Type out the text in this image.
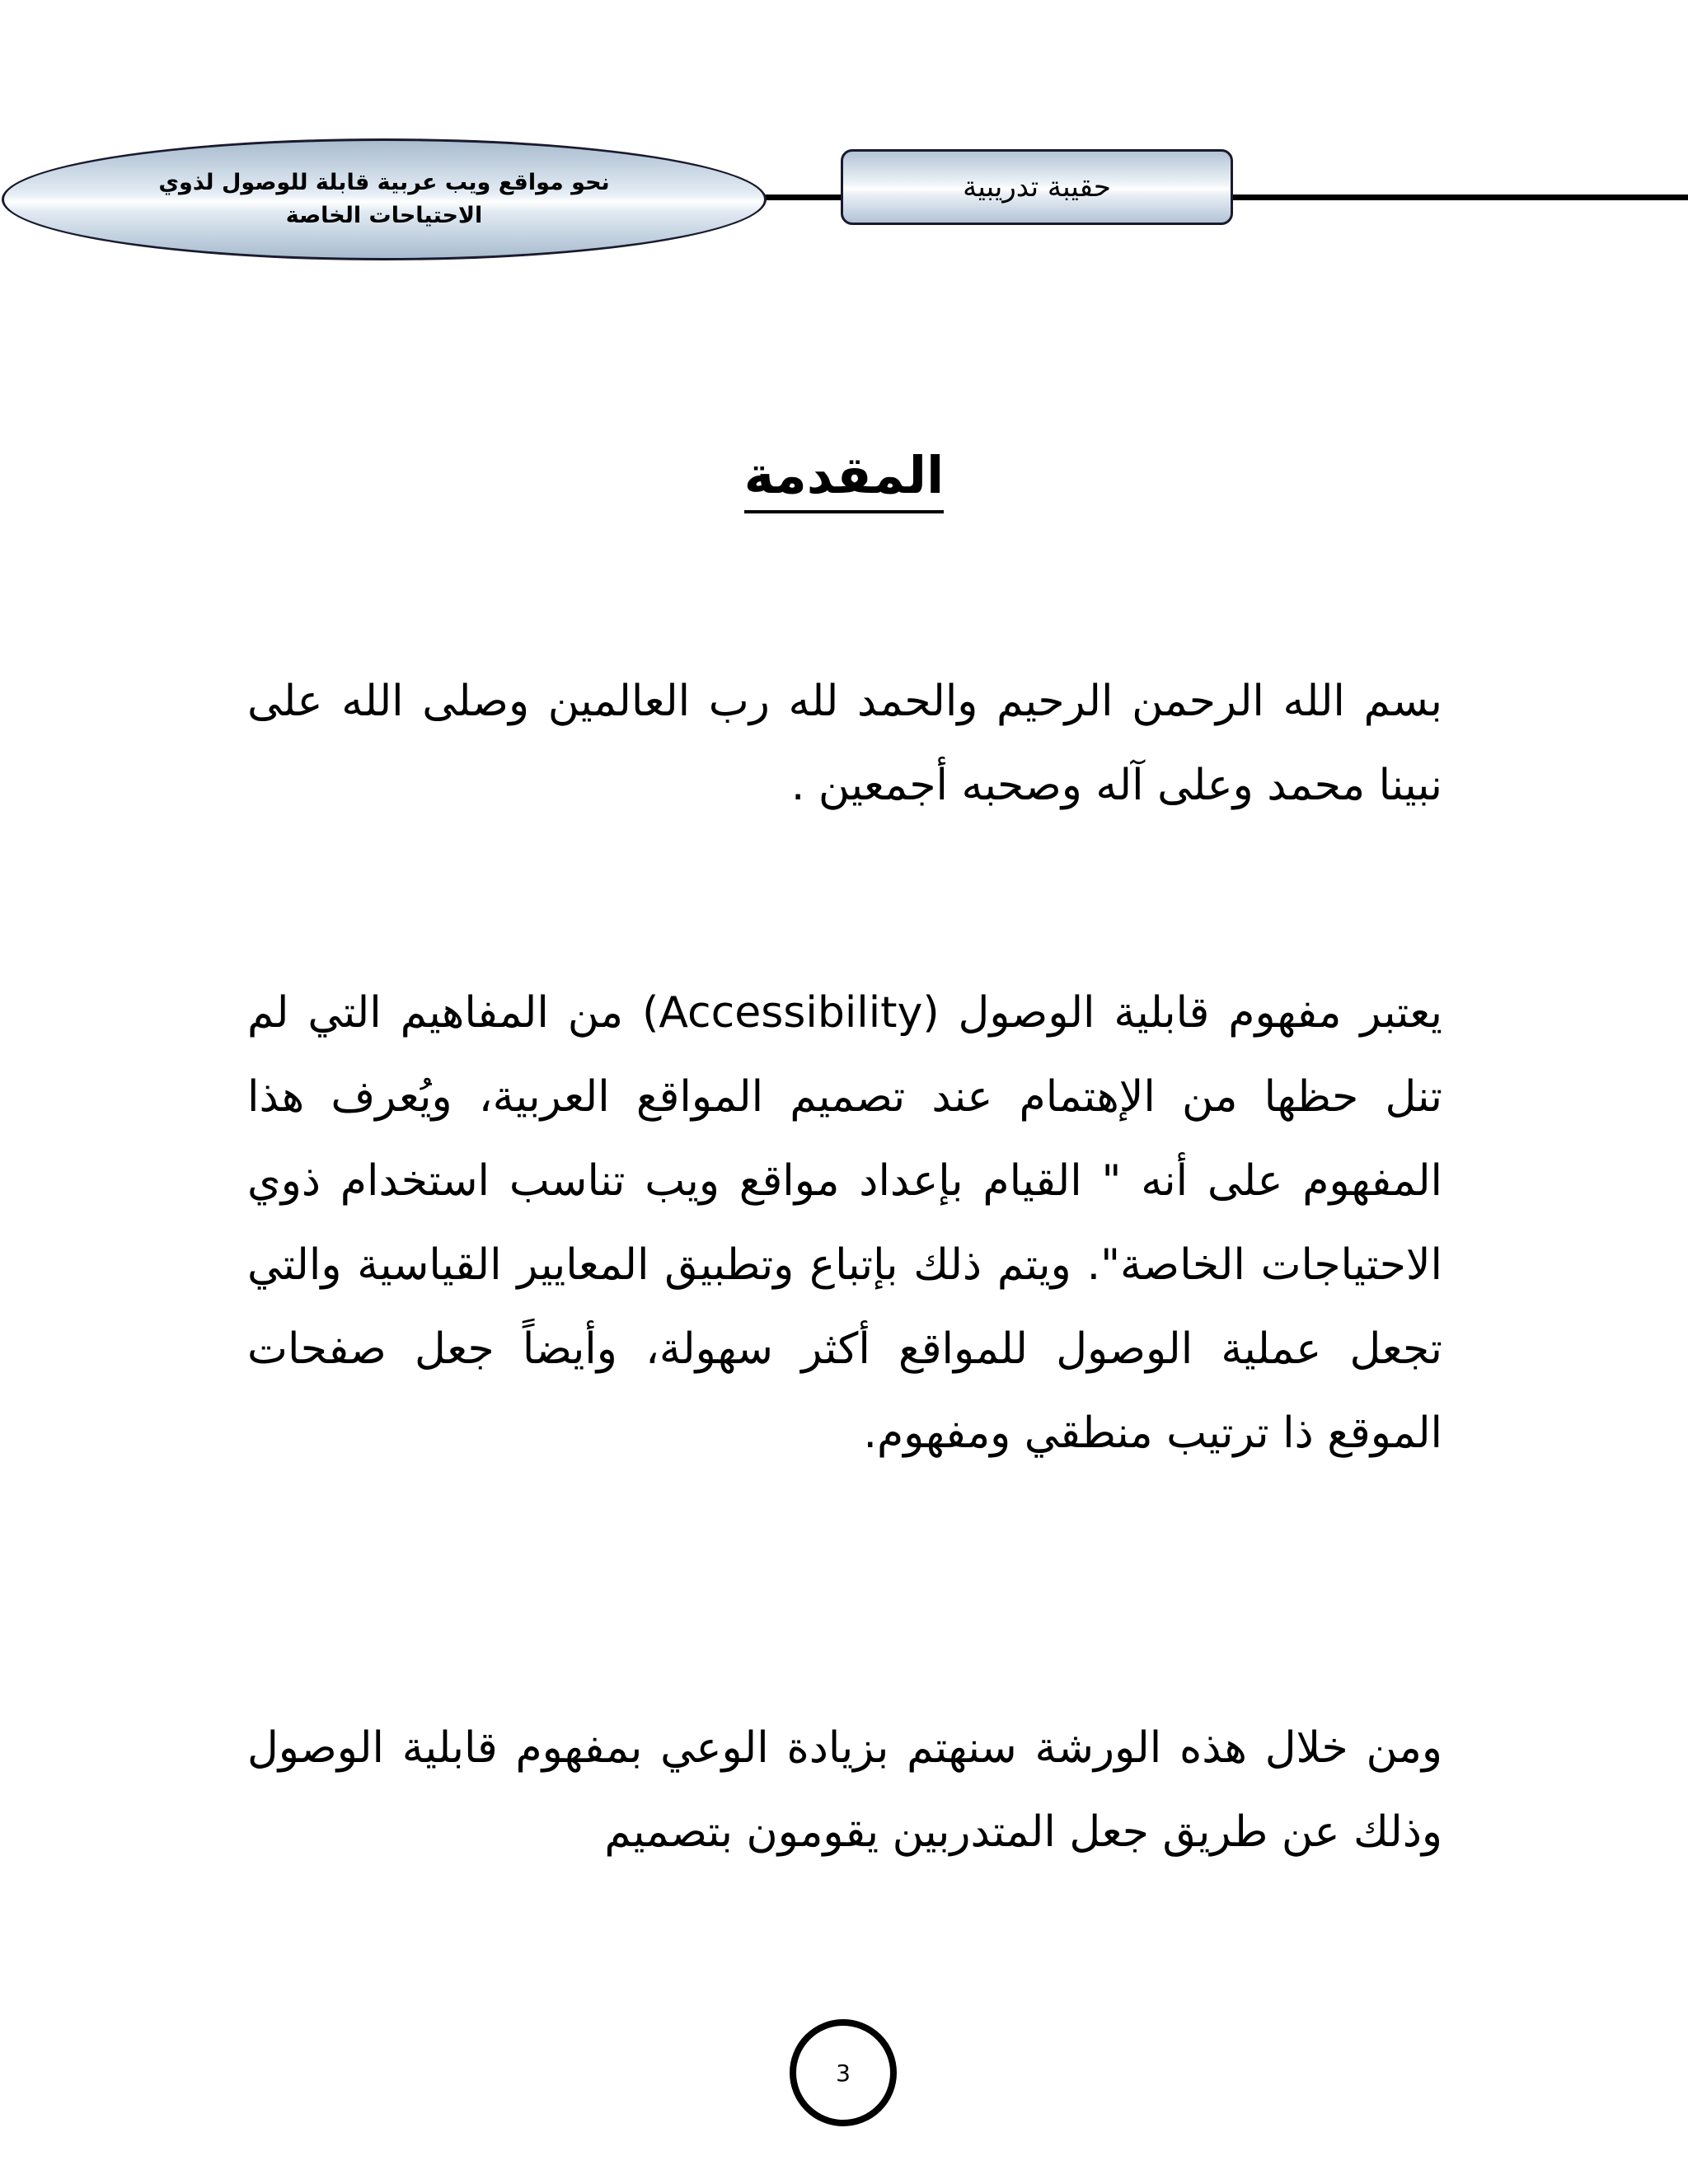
نحو مواقع ويب عربية قابلة للوصول لذوي
الاحتياحات الخاصة
حقيبة تدريبية
المقدمة
بسم الله الرحمن الرحيم والحمد لله رب العالمين وصلى الله على نبينا محمد وعلى آله وصحبه أجمعين .
يعتبر مفهوم قابلية الوصول (Accessibility) من المفاهيم التي لم تنل حظها من الإهتمام عند تصميم المواقع العربية، ويُعرف هذا المفهوم على أنه " القيام بإعداد مواقع ويب تناسب استخدام ذوي الاحتياجات الخاصة". ويتم ذلك بإتباع وتطبيق المعايير القياسية والتي تجعل عملية الوصول للمواقع أكثر سهولة، وأيضاً جعل صفحات الموقع ذا ترتيب منطقي ومفهوم.
ومن خلال هذه الورشة سنهتم بزيادة الوعي بمفهوم قابلية الوصول وذلك عن طريق جعل المتدربين يقومون بتصميم
3
